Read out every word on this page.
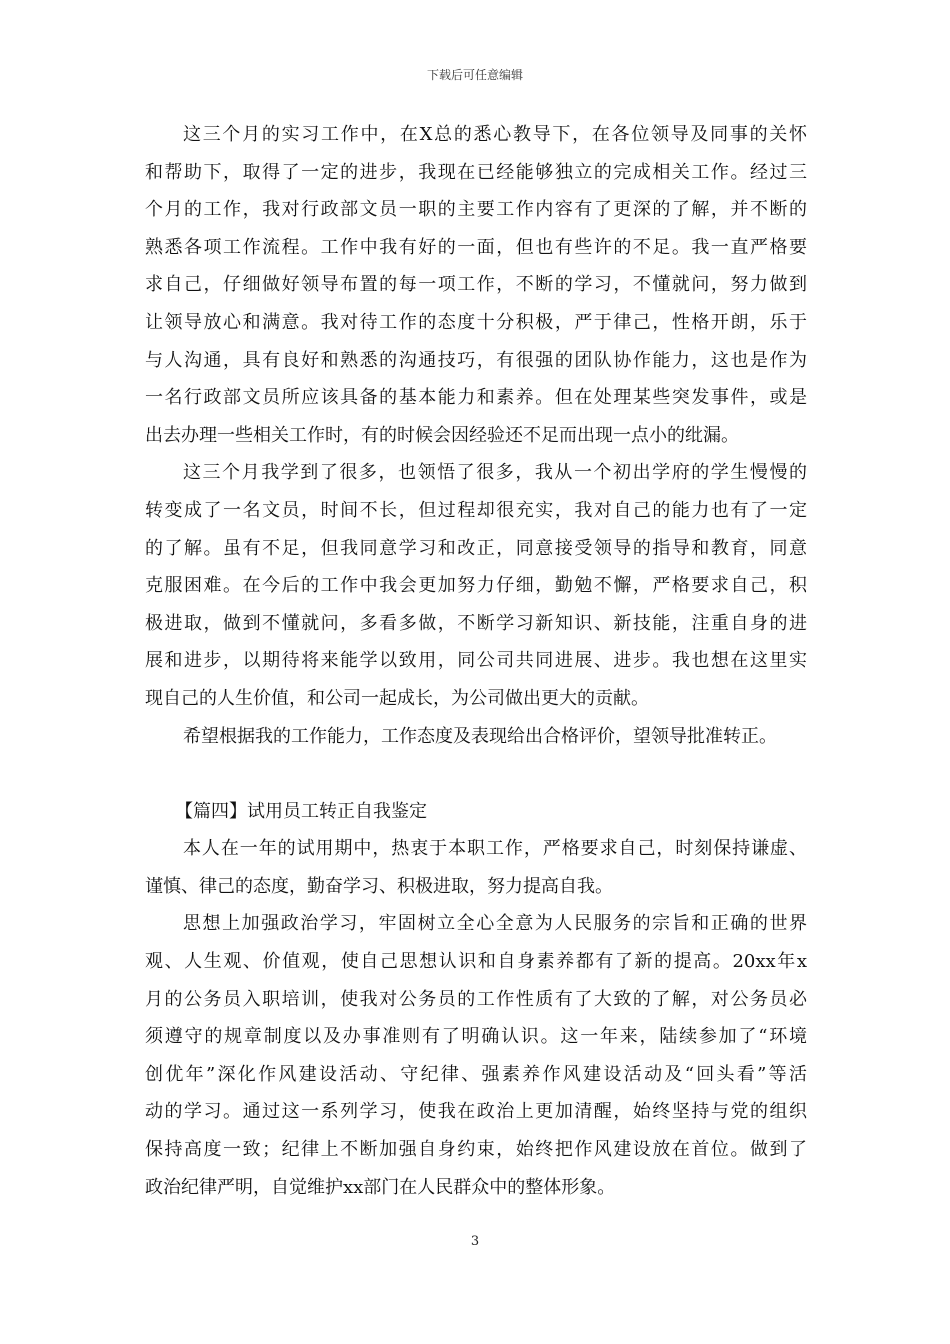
下载后可任意编辑
这三个月的实习工作中，在X总的悉心教导下，在各位领导及同事的关怀
和帮助下，取得了一定的进步，我现在已经能够独立的完成相关工作。经过三
个月的工作，我对行政部文员一职的主要工作内容有了更深的了解，并不断的
熟悉各项工作流程。工作中我有好的一面，但也有些许的不足。我一直严格要
求自己，仔细做好领导布置的每一项工作，不断的学习，不懂就问，努力做到
让领导放心和满意。我对待工作的态度十分积极，严于律己，性格开朗，乐于
与人沟通，具有良好和熟悉的沟通技巧，有很强的团队协作能力，这也是作为
一名行政部文员所应该具备的基本能力和素养。但在处理某些突发事件，或是
出去办理一些相关工作时，有的时候会因经验还不足而出现一点小的纰漏。
这三个月我学到了很多，也领悟了很多，我从一个初出学府的学生慢慢的
转变成了一名文员，时间不长，但过程却很充实，我对自己的能力也有了一定
的了解。虽有不足，但我同意学习和改正，同意接受领导的指导和教育，同意
克服困难。在今后的工作中我会更加努力仔细，勤勉不懈，严格要求自己，积
极进取，做到不懂就问，多看多做，不断学习新知识、新技能，注重自身的进
展和进步，以期待将来能学以致用，同公司共同进展、进步。我也想在这里实
现自己的人生价值，和公司一起成长，为公司做出更大的贡献。
希望根据我的工作能力，工作态度及表现给出合格评价，望领导批准转正。
【篇四】试用员工转正自我鉴定
本人在一年的试用期中，热衷于本职工作，严格要求自己，时刻保持谦虚、
谨慎、律己的态度，勤奋学习、积极进取，努力提高自我。
思想上加强政治学习，牢固树立全心全意为人民服务的宗旨和正确的世界
观、人生观、价值观，使自己思想认识和自身素养都有了新的提高。20xx年x
月的公务员入职培训，使我对公务员的工作性质有了大致的了解，对公务员必
须遵守的规章制度以及办事准则有了明确认识。这一年来，陆续参加了“环境
创优年”深化作风建设活动、守纪律、强素养作风建设活动及“回头看”等活
动的学习。通过这一系列学习，使我在政治上更加清醒，始终坚持与党的组织
保持高度一致；纪律上不断加强自身约束，始终把作风建设放在首位。做到了
政治纪律严明，自觉维护xx部门在人民群众中的整体形象。
3
